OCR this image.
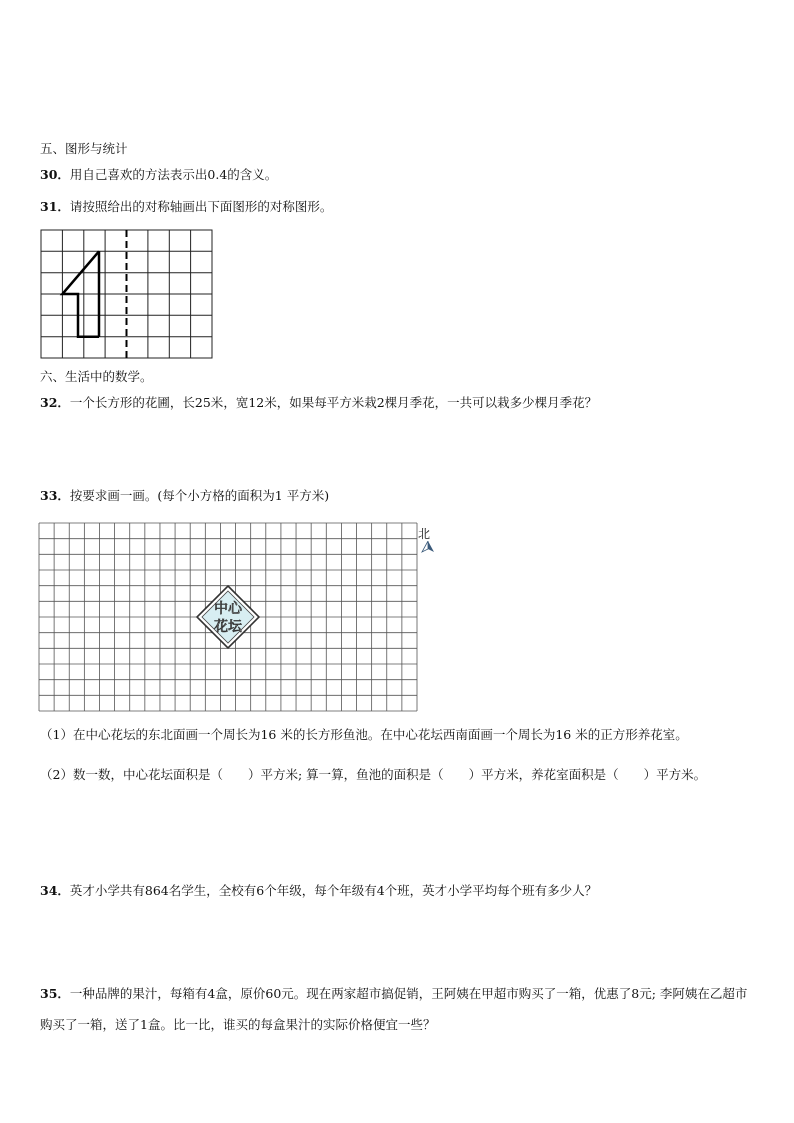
五、图形与统计
30．用自己喜欢的方法表示出0.4的含义。
31．请按照给出的对称轴画出下面图形的对称图形。
六、生活中的数学。
32．一个长方形的花圃，长25米，宽12米，如果每平方米栽2棵月季花，一共可以栽多少棵月季花？
33．按要求画一画。(每个小方格的面积为1 平方米)
中心
花坛
北
（1）在中心花坛的东北面画一个周长为16 米的长方形鱼池。在中心花坛西南面画一个周长为16 米的正方形养花室。
（2）数一数，中心花坛面积是（　　）平方米; 算一算，鱼池的面积是（　　）平方米，养花室面积是（　　）平方米。
34．英才小学共有864名学生，全校有6个年级，每个年级有4个班，英才小学平均每个班有多少人？
35．一种品牌的果汁，每箱有4盒，原价60元。现在两家超市搞促销，王阿姨在甲超市购买了一箱，优惠了8元; 李阿姨在乙超市购买了一箱，送了1盒。比一比，谁买的每盒果汁的实际价格便宜一些？
